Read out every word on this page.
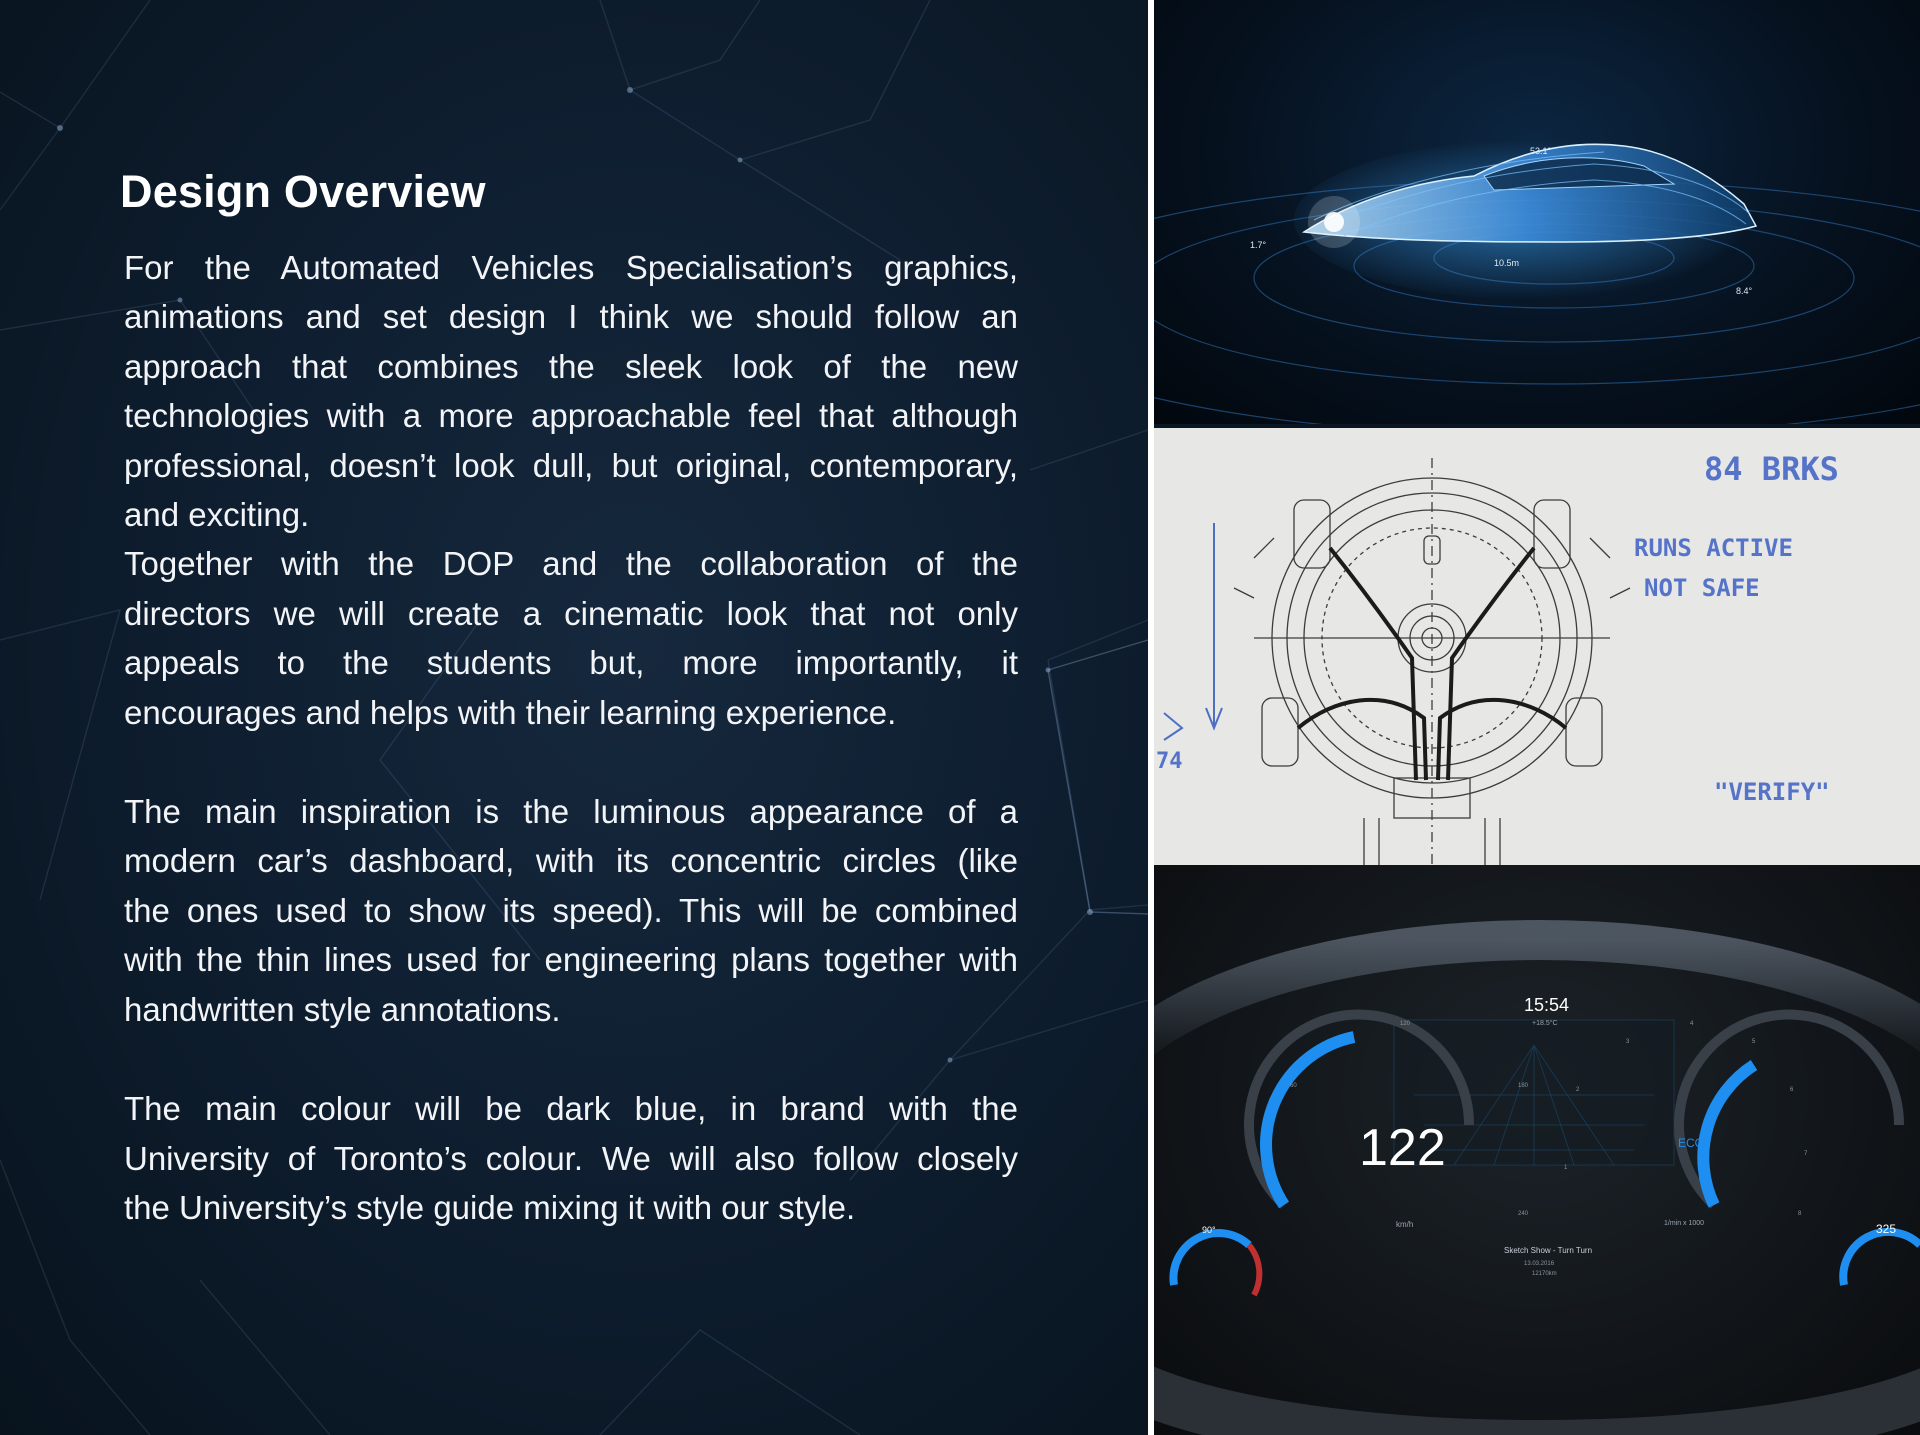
Design Overview

For the Automated Vehicles Specialisation’s graphics,
animations and set design I think we should follow an
approach that combines the sleek look of the new
technologies with a more approachable feel that although
professional, doesn’t look dull, but original, contemporary,
and exciting.
Together with the DOP and the collaboration of the
directors we will create a cinematic look that not only
appeals to the students but, more importantly, it
encourages and helps with their learning experience.

The main inspiration is the luminous appearance of a
modern car’s dashboard, with its concentric circles (like
the ones used to show its speed). This will be combined
with the thin lines used for engineering plans together with
handwritten style annotations.

The main colour will be dark blue, in brand with the
University of Toronto’s colour. We will also follow closely
the University’s style guide mixing it with our style.

53.1°
1.7°
8.4°
10.5m
84 BRKS
RUNS ACTIVE
NOT SAFE
"VERIFY"
74
122
km/h
15:54
+18.5°C
ECO
1/min x 1000
Sketch Show - Turn Turn
13.03.2016
12170km
90°	325
60
120
180
240
1
2
3
4
5
6
7
8
